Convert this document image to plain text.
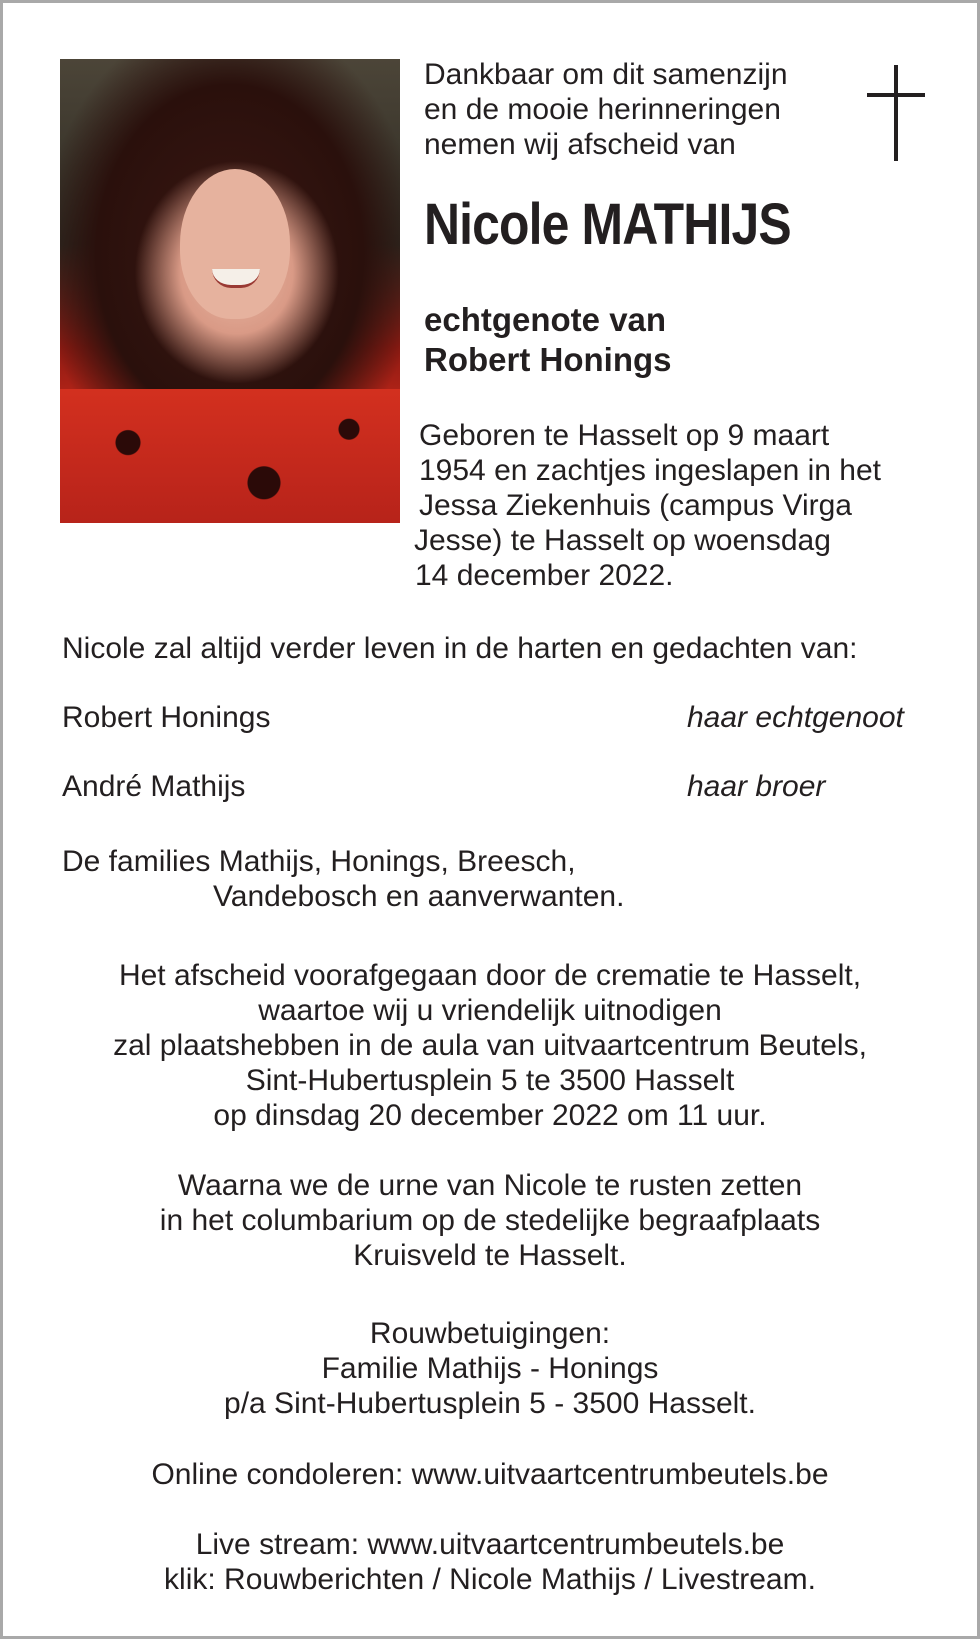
Dankbaar om dit samenzijn
en de mooie herinneringen
nemen wij afscheid van
Nicole MATHIJS
echtgenote van
Robert Honings
Geboren te Hasselt op 9 maart
1954 en zachtjes ingeslapen in het
Jessa Ziekenhuis (campus Virga
Jesse) te Hasselt op woensdag
14 december 2022.
Nicole zal altijd verder leven in de harten en gedachten van:
Robert Honings	haar echtgenoot
André Mathijs	haar broer
De families Mathijs, Honings, Breesch,
Vandebosch en aanverwanten.
Het afscheid voorafgegaan door de crematie te Hasselt,
waartoe wij u vriendelijk uitnodigen
zal plaatshebben in de aula van uitvaartcentrum Beutels,
Sint-Hubertusplein 5 te 3500 Hasselt
op dinsdag 20 december 2022 om 11 uur.
Waarna we de urne van Nicole te rusten zetten
in het columbarium op de stedelijke begraafplaats
Kruisveld te Hasselt.
Rouwbetuigingen:
Familie Mathijs - Honings
p/a Sint-Hubertusplein 5 - 3500 Hasselt.
Online condoleren: www.uitvaartcentrumbeutels.be
Live stream: www.uitvaartcentrumbeutels.be
klik: Rouwberichten / Nicole Mathijs / Livestream.
